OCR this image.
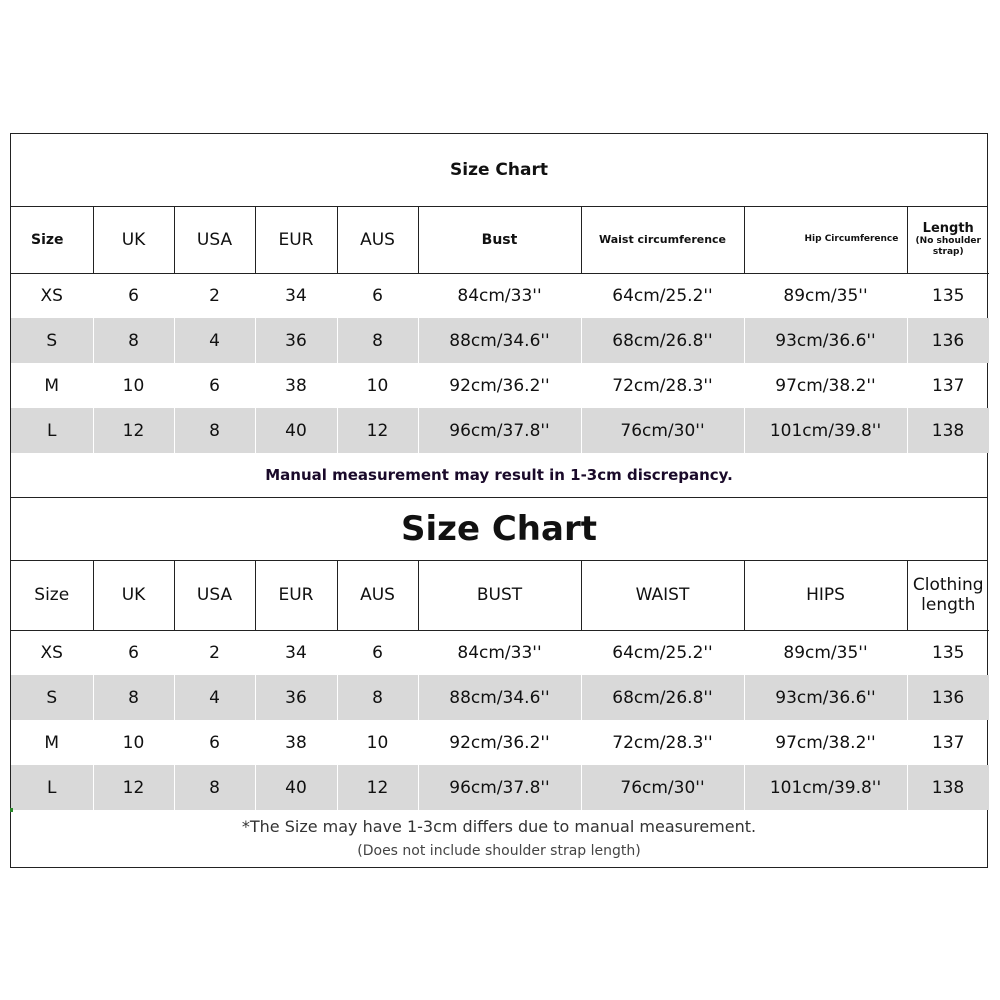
Size Chart
Size	UK	USA	EUR	AUS	Bust	Waist circumference	Hip Circumference	Length
(No shoulder strap)

XS	6	2	34	6	84cm/33''	64cm/25.2''	89cm/35''	135
S	8	4	36	8	88cm/34.6''	68cm/26.8''	93cm/36.6''	136
M	10	6	38	10	92cm/36.2''	72cm/28.3''	97cm/38.2''	137
L	12	8	40	12	96cm/37.8''	76cm/30''	101cm/39.8''	138
Manual measurement may result in 1-3cm discrepancy.
Size Chart
Size	UK	USA	EUR	AUS	BUST	WAIST	HIPS	Clothing length
XS	6	2	34	6	84cm/33''	64cm/25.2''	89cm/35''	135
S	8	4	36	8	88cm/34.6''	68cm/26.8''	93cm/36.6''	136
M	10	6	38	10	92cm/36.2''	72cm/28.3''	97cm/38.2''	137
L	12	8	40	12	96cm/37.8''	76cm/30''	101cm/39.8''	138
*The Size may have 1-3cm differs due to manual measurement.
(Does not include shoulder strap length)
